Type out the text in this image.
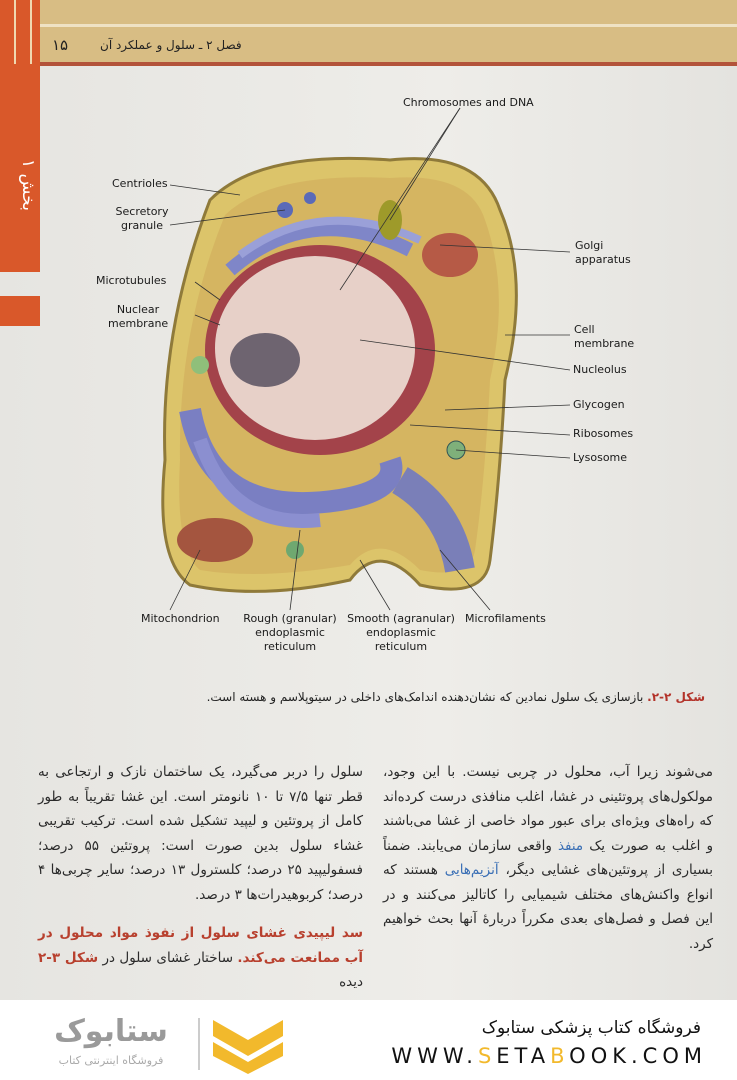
۱۵	فصل ۲ ـ سلول و عملکرد آن
بخش ۱
Chromosomes and DNA
Centrioles
Secretory granule
Microtubules
Nuclear membrane
Golgi apparatus
Cell membrane
Nucleolus
Glycogen
Ribosomes
Lysosome
Mitochondrion	Rough (granular) endoplasmic reticulum
Smooth (agranular) endoplasmic reticulum
Microfilaments
شکل ۲-۲. بازسازی یک سلول نمادین که نشان‌دهنده اندامک‌های داخلی در سیتوپلاسم و هسته است.
می‌شوند زیرا آب، محلول در چربی نیست. با این وجود، مولکول‌های پروتئینی در غشا، اغلب منافذی درست کرده‌اند که راه‌های ویژه‌ای برای عبور مواد خاصی از غشا می‌باشند و اغلب به صورت یک منفذ واقعی سازمان می‌یابند. ضمناً بسیاری از پروتئین‌های غشایی دیگر، آنزیم‌هایی هستند که انواع واکنش‌های مختلف شیمیایی را کاتالیز می‌کنند و در این فصل و فصل‌های بعدی مکرراً دربارهٔ آنها بحث خواهیم کرد.

سلول را دربر می‌گیرد، یک ساختمان نازک و ارتجاعی به قطر تنها ۷/۵ تا ۱۰ نانومتر است. این غشا تقریباً به طور کامل از پروتئین و لیپید تشکیل شده است. ترکیب تقریبی غشاء سلول بدین صورت است: پروتئین ۵۵ درصد؛ فسفولیپید ۲۵ درصد؛ کلسترول ۱۳ درصد؛ سایر چربی‌ها ۴ درصد؛ کربوهیدرات‌ها ۳ درصد.

سد لیپیدی غشای سلول از نفوذ مواد محلول در آب ممانعت می‌کند. ساختار غشای سلول در شکل ۳-۲ دیده

ستابوک
فروشگاه اینترنتی کتاب
فروشگاه کتاب پزشکی ستابوک
WWW.SETABOOK.COM
